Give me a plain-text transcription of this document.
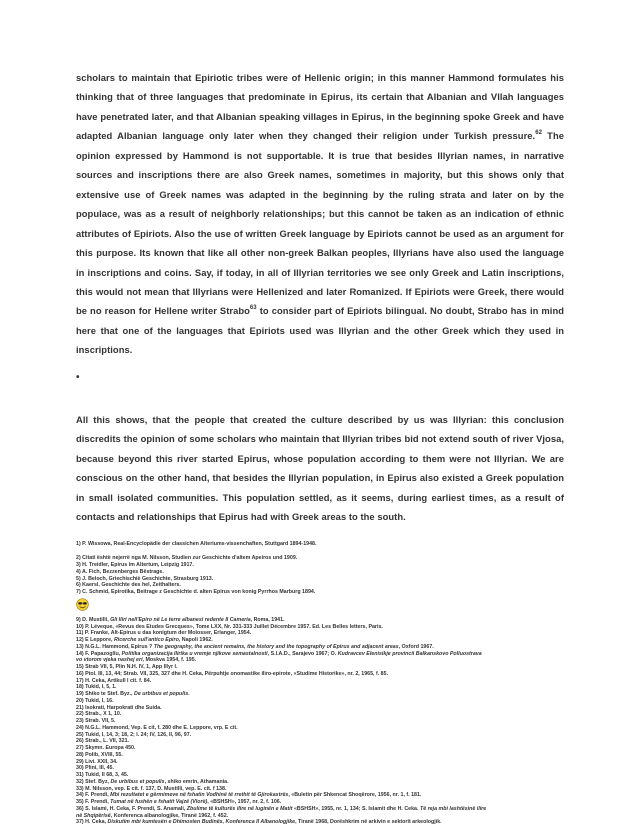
scholars to maintain that Epiriotic tribes were of Hellenic origin; in this manner Hammond formulates his thinking that of three languages that predominate in Epirus, its certain that Albanian and Vllah languages have penetrated later, and that Albanian speaking villages in Epirus, in the beginning spoke Greek and have adapted Albanian language only later when they changed their religion under Turkish pressure.$^{62}$ The opinion expressed by Hammond is not supportable. It is true that besides Illyrian names, in narrative sources and inscriptions there are also Greek names, sometimes in majority, but this shows only that extensive use of Greek names was adapted in the beginning by the ruling strata and later on by the populace, was as a result of neighborly relationships; but this cannot be taken as an indication of ethnic attributes of Epiriots. Also the use of written Greek language by Epiriots cannot be used as an argument for this purpose. Its known that like all other non-greek Balkan peoples, Illyrians have also used the language in inscriptions and coins. Say, if today, in all of Illyrian territories we see only Greek and Latin inscriptions, this would not mean that Illyrians were Hellenized and later Romanized. If Epiriots were Greek, there would be no reason for Hellene writer Strabo$^{63}$ to consider part of Epiriots bilingual. No doubt, Strabo has in mind here that one of the languages that Epiriots used was Illyrian and the other Greek which they used in inscriptions.

•

All this shows, that the people that created the culture described by us was Illyrian: this conclusion discredits the opinion of some scholars who maintain that Illyrian tribes bid not extend south of river Vjosa, because beyond this river started Epirus, whose population according to them were not Illyrian. We are conscious on the other hand, that besides the Illyrian population, in Epirus also existed a Greek population in small isolated communities. This population settled, as it seems, during earliest times, as a result of contacts and relationships that Epirus had with Greek areas to the south.

1) P. Wissowa, Real-Encyclopädie der classichen Alteriums-vissenchaften, Stuttgard 1894-1948.

2) Citati është nejerrë nga M. Nilsson, Studien zur Geschichte d'altem Apeiros und 1909.

3) H. Treidler, Epirus im Altertum, Leipzig 1917.

4) A. Fich, Bezzenberges Bëstrage.

5) J. Beloch, Griechischiè Geschichte, Strasburg 1913.

6) Kaersl, Geschichte des hel, Zeithalters.

7) C. Schmid, Epirotika, Beitrage z Geschichte d. alten Epirus von konig Pyrrhos Marburg 1894.

9) D. Mustilli, Gli Iliri nell'Epiro në Le terre albanesi redente II Cameria, Roma, 1941.

10) P. Léveque, «Revus des Etudes Grecques», Tome LXX, Nr. 331-333 Juillet Décembre 1957. Ed. Les Belles letters, Paris.

11) P. Franke, Alt-Epirus u das konigtum der Molosser, Erlanger, 1954.

12) E Leppore, Ricerche sull'antico Epiro, Napoli 1962.

13) N.G.L. Hammond, Epirus ? The geography, the ancient remains, the history and the topography of Epirus and adjacent areas, Oxford 1967.

14) F. Papazoglîu, Politika organizacija Ilirika u vremje njikove semastalnosti, S.I.A.D., Sarajevo 1967; O. Kudravcev Elenisikje provincii Balkanskovo Polluostrava

vo vtorom vjeka nashej eri, Moskva 1954, f. 195.

15) Strab VII, 5, Plin N.H. IV, 1, App Illyr I.

16) Ptol. III, 13, 44; Strab. VII, 325, 327 dhe H. Ceka, Përpuhtje onomastike iliro-epirote, «Studime Historike», nr. 2, 1965, f. 85.

17) H. Ceka, Artikull I cit. f. 84.

18) Tukid, I, 5, 1.

19) Shiko te Stef. Byz., De urbibus et populis.

20) Tukid, I, 16.

21) Isokrati, Harpokrati dhe Suida.

22) Strab., X 1, 10.

23) Strab. VII, 5.

24) N.G.L. Hammond, Vep. E cit, f. 280 dhe E. Leppore, vrp. E cit.

25) Tukid, I, 14, 3; 18, 2; I. 24; IV, 126, II, 96, 97.

26) Strab., L. VII, 321.

27) Skymn. Europa 450.

28) Polib, XVIII, 55.

29) Livi. XXII, 34.

30) Plini, III, 45.

31) Tukid, II 68, 3, 45.

32) Stef. Byz, De urbibus et populis, shiko emrin, Athamania.

33) M. Nilsson, vep. E cit. f. 137, D. Mustilli, vep. E. cit. f 138.

34) F. Prendi, Mbi rezultatet e gërmimeve në fshatin Vodhinë të rrethit të Gjirokastrës, «Buletin për Shkencat Shoqërore, 1956, nr. 1, f. 181.

35) F. Prendi, Tumat në fushën e fshatit Vajzë (Vlorë), «BSHSH», 1957, nr. 2, f. 106.

36) S. Islami, H. Ceka, F. Prendi, S. Anamali, Zbulime të kulturës ilire në luginën e Matit «BSHSH», 1955, nr. 1, 134; S. Islamit dhe H. Ceka. Të reja mbi lashtësinë ilire

në Shqipërisë, Konferenca albanologjike, Tiranë 1962, f. 452.

37) H. Ceka, Diskutim mbi kumtesën e Dhimosten Budinës, Konferenca II Albanologjike, Tiranë 1968, Dorëshkrim në arkivin e sektorit arkeologjik.
